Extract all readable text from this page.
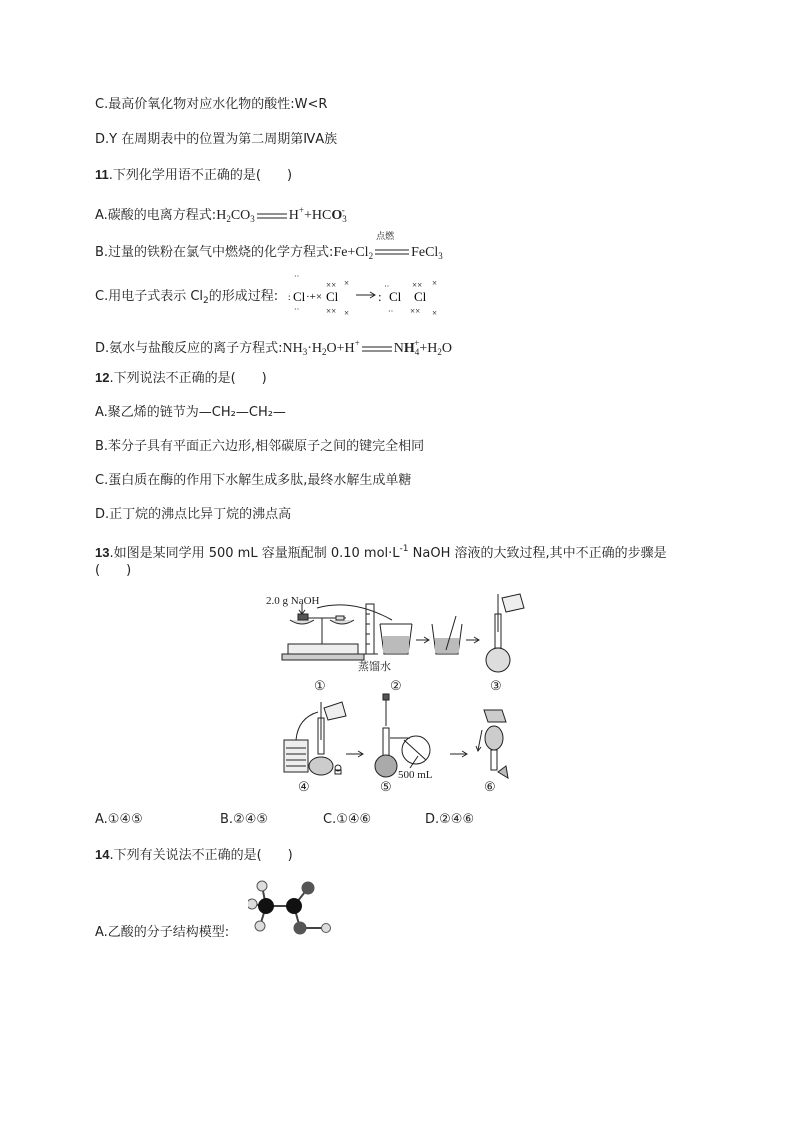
C.最高价氧化物对应水化物的酸性:W<R
D.Y 在周期表中的位置为第二周期第ⅣA族
11.下列化学用语不正确的是(　　)
A.碳酸的电离方程式$:H_2CO_3$ $H^++HCO_3^-$
B.过量的铁粉在氯气中燃烧的化学方程式$:Fe+Cl_2$
点燃
FeCl$_3$
C.用电子式表示 $Cl_2$的形成过程:
··
: Cl ·+×
··
×× ×
Cl
×× ×
:
··
Cl
··
×× ×
Cl
×× ×
D.氨水与盐酸反应的离子方程式$:NH_3\cdot H_2O+H^+$ $NH_4^++H_2O$
12.下列说法不正确的是(　　)
A.聚乙烯的链节为—CH₂—CH₂—
B.苯分子具有平面正六边形,相邻碳原子之间的键完全相同
C.蛋白质在酶的作用下水解生成多肽,最终水解生成单糖
D.正丁烷的沸点比异丁烷的沸点高
13.如图是某同学用 500 mL 容量瓶配制 0.10 $mol\cdot L^{-1}$ NaOH 溶液的大致过程,其中不正确的步骤是
(　　)
2.0 g NaOH
蒸馏水
①	②	③
500 mL
④	⑤	⑥
A.①④⑤	B.②④⑤	C.①④⑥	D.②④⑥
14.下列有关说法不正确的是(　　)
A.乙酸的分子结构模型:
